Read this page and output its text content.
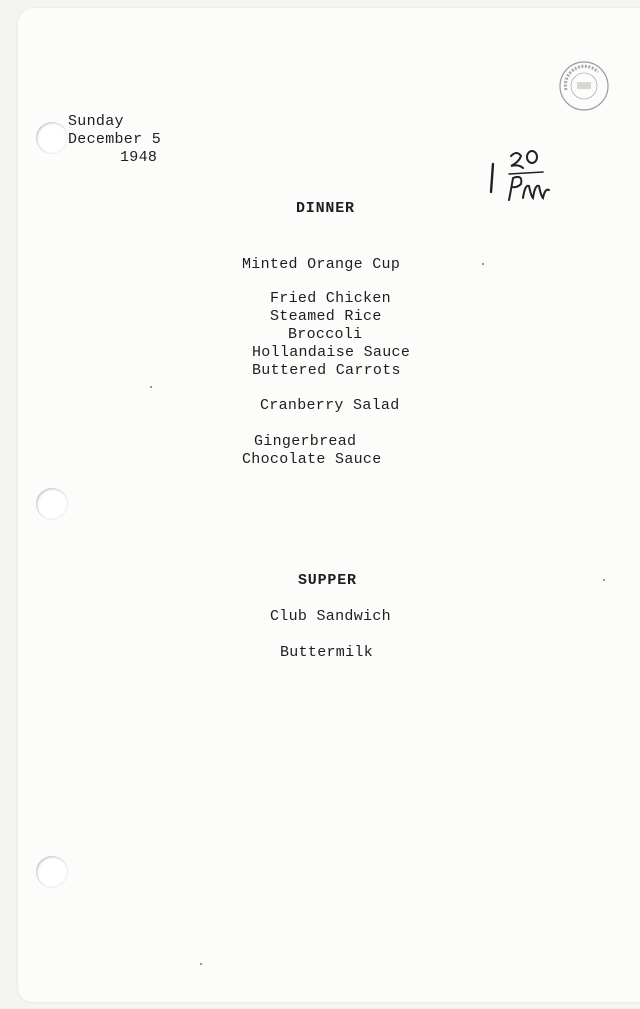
Sunday
December 5
1948
DINNER
Minted Orange Cup
Fried Chicken
Steamed Rice
Broccoli
Hollandaise Sauce
Buttered Carrots
Cranberry Salad
Gingerbread
Chocolate Sauce
SUPPER
Club Sandwich
Buttermilk
